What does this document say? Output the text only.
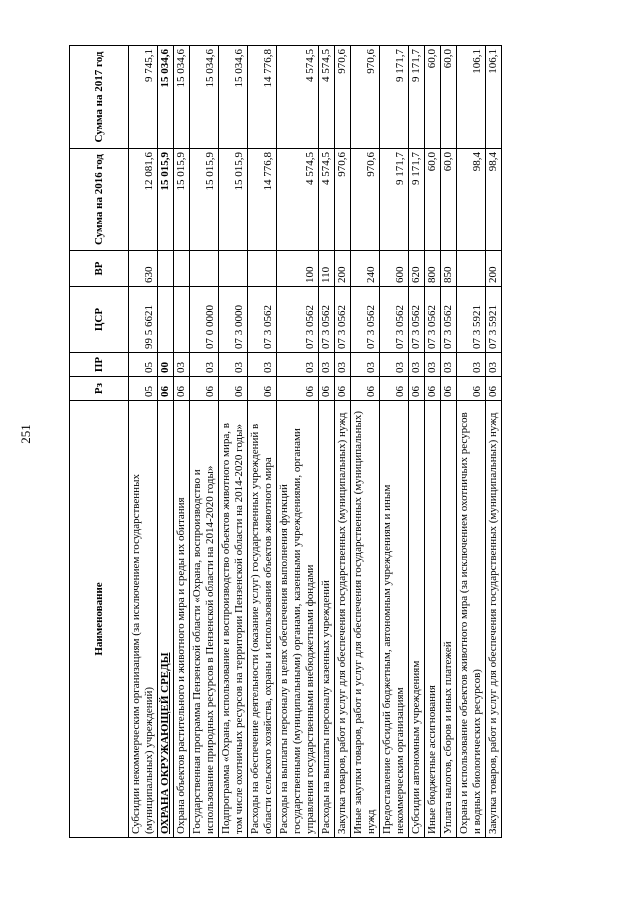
251
Наименование	Рз	ПР	ЦСР	ВР	Сумма на 2016 год	Сумма на 2017 год
Субсидии некоммерческим организациям (за исключением государственных (муниципальных) учреждений)	05	05	99 5 6621	630	12 081,6	9 745,1
ОХРАНА ОКРУЖАЮЩЕЙ СРЕДЫ	06	00			15 015,9	15 034,6
Охрана объектов растительного и животного мира и среды их обитания	06	03			15 015,9	15 034,6
Государственная программа Пензенской области «Охрана, воспроизводство и использование природных ресурсов в Пензенской области на 2014-2020 годы»	06	03	07 0 0000		15 015,9	15 034,6
Подпрограмма «Охрана, использование и воспроизводство объектов животного мира, в том числе охотничьих ресурсов на территории Пензенской области на 2014-2020 годы»	06	03	07 3 0000		15 015,9	15 034,6
Расходы на обеспечение деятельности (оказание услуг) государственных учреждений в области сельского хозяйства, охраны и использования объектов животного мира	06	03	07 3 0562		14 776,8	14 776,8
Расходы на выплаты персоналу в целях обеспечения выполнения функций государственными (муниципальными) органами, казенными учреждениями, органами управления государственными внебюджетными фондами	06	03	07 3 0562	100	4 574,5	4 574,5
Расходы на выплаты персоналу казенных учреждений	06	03	07 3 0562	110	4 574,5	4 574,5
Закупка товаров, работ и услуг для обеспечения государственных (муниципальных) нужд	06	03	07 3 0562	200	970,6	970,6
Иные закупки товаров, работ и услуг для обеспечения государственных (муниципальных) нужд	06	03	07 3 0562	240	970,6	970,6
Предоставление субсидий бюджетным, автономным учреждениям и иным некоммерческим организациям	06	03	07 3 0562	600	9 171,7	9 171,7
Субсидии автономным учреждениям	06	03	07 3 0562	620	9 171,7	9 171,7
Иные бюджетные ассигнования	06	03	07 3 0562	800	60,0	60,0
Уплата налогов, сборов и иных платежей	06	03	07 3 0562	850	60,0	60,0
Охрана и использование объектов животного мира (за исключением охотничьих ресурсов и водных биологических ресурсов)	06	03	07 3 5921		98,4	106,1
Закупка товаров, работ и услуг для обеспечения государственных (муниципальных) нужд	06	03	07 3 5921	200	98,4	106,1
